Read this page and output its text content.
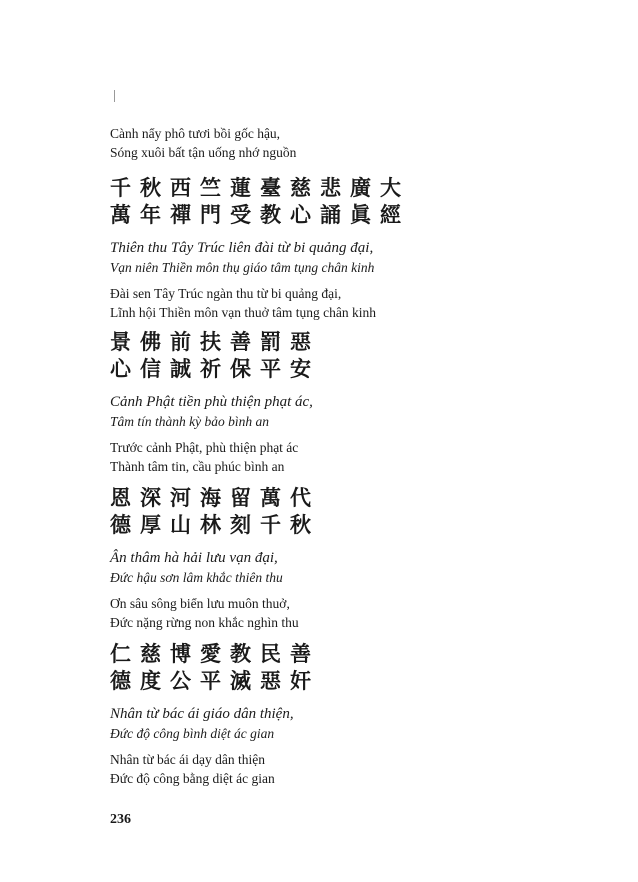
Cành nẩy phô tươi bồi gốc hậu,
Sóng xuôi bất tận uống nhớ nguồn
千秋西竺蓮臺慈悲廣大
萬年禪門受教心誦眞經
Thiên thu Tây Trúc liên đài từ bi quảng đại,
Vạn niên Thiền môn thụ giáo tâm tụng chân kinh
Đài sen Tây Trúc ngàn thu từ bi quảng đại,
Lĩnh hội Thiền môn vạn thuở tâm tụng chân kinh
景佛前扶善罰惡
心信誠祈保平安
Cảnh Phật tiền phù thiện phạt ác,
Tâm tín thành kỳ bảo bình an
Trước cảnh Phật, phù thiện phạt ác
Thành tâm tin, cầu phúc bình an
恩深河海留萬代
德厚山林刻千秋
Ân thâm hà hải lưu vạn đại,
Đức hậu sơn lâm khắc thiên thu
Ơn sâu sông biển lưu muôn thuở,
Đức nặng rừng non khắc nghìn thu
仁慈博愛教民善
德度公平滅惡奸
Nhân từ bác ái giáo dân thiện,
Đức độ công bình diệt ác gian
Nhân từ bác ái dạy dân thiện
Đức độ công bằng diệt ác gian
236
